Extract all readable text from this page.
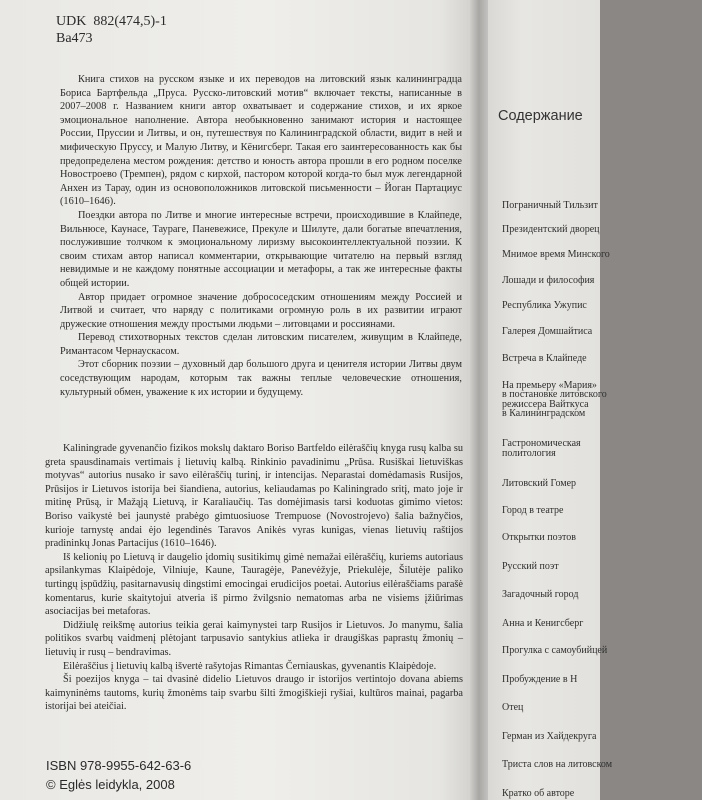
UDK  882(474,5)-1
Ba473

Книга стихов на русском языке и их переводов на литовский язык калининградца Бориса Бартфельда „Пруса. Русско-литовский мотив“ включает тексты, написанные в 2007–2008 г. Названием книги автор охватывает и содержание стихов, и их яркое эмоциональное наполнение. Автора необыкновенно занимают история и настоящее России, Пруссии и Литвы, и он, путешествуя по Калининградской области, видит в ней и мифическую Пруссу, и Малую Литву, и Кёнигсберг. Такая его заинтересованность как бы предопределена местом рождения: детство и юность автора прошли в его родном поселке Новостроево (Тремпен), рядом с кирхой, пастором которой когда-то был муж легендарной Анхен из Тарау, один из основоположников литовской письменности – Йоган Партациус (1610–1646).

Поездки автора по Литве и многие интересные встречи, происходившие в Клайпеде, Вильнюсе, Каунасе, Таураге, Паневежисе, Прекуле и Шилуте, дали богатые впечатления, послужившие толчком к эмоциональному лиризму высокоинтеллектуальной поэзии. К своим стихам автор написал комментарии, открывающие читателю на первый взгляд невидимые и не каждому понятные ассоциации и метафоры, а так же интересные факты общей истории.

Автор придает огромное значение добрососедским отношениям между Россией и Литвой и считает, что наряду с политиками огромную роль в их развитии играют дружеские отношения между простыми людьми – литовцами и россиянами.

Перевод стихотворных текстов сделан литовским писателем, живущим в Клайпеде, Римантасом Чернаускасом.

Этот сборник поэзии – духовный дар большого друга и ценителя истории Литвы двум соседствующим народам, которым так важны теплые человеческие отношения, культурный обмен, уважение к их истории и будущему.

Kaliningrade gyvenančio fizikos mokslų daktaro Boriso Bartfeldo eilėraščių knyga rusų kalba su greta spausdinamais vertimais į lietuvių kalbą. Rinkinio pavadinimu „Prūsa. Rusiškai lietuviškas motyvas“ autorius nusako ir savo eilėraščių turinį, ir intencijas. Neparastai domėdamasis Rusijos, Prūsijos ir Lietuvos istorija bei šiandiena, autorius, keliaudamas po Kaliningrado sritį, mato joje ir mitinę Prūsą, ir Mažąją Lietuvą, ir Karaliaučių. Tas domėjimasis tarsi koduotas gimimo vietos: Boriso vaikystė bei jaunystė prabėgo gimtuosiuose Trempuose (Novostrojevo) šalia bažnyčios, kurioje tarnystę andai ėjo legendinės Taravos Anikės vyras kunigas, vienas lietuvių raštijos pradininkų Jonas Partacijus (1610–1646).

Iš kelionių po Lietuvą ir daugelio įdomių susitikimų gimė nemažai eilėraščių, kuriems autoriaus apsilankymas Klaipėdoje, Vilniuje, Kaune, Tauragėje, Panevėžyje, Priekulėje, Šilutėje paliko turtingų įspūdžių, pasitarnavusių dingstimi emocingai erudicijos poetai. Autorius eilėraščiams parašė komentarus, kurie skaitytojui atveria iš pirmo žvilgsnio nematomas arba ne visiems įžiūrimas asociacijas bei metaforas.

Didžiulę reikšmę autorius teikia gerai kaimynystei tarp Rusijos ir Lietuvos. Jo manymu, šalia politikos svarbų vaidmenį plėtojant tarpusavio santykius atlieka ir draugiškas paprastų žmonių – lietuvių ir rusų – bendravimas.

Eilėraščius į lietuvių kalbą išvertė rašytojas Rimantas Černiauskas, gyvenantis Klaipėdoje.

Ši poezijos knyga – tai dvasinė didelio Lietuvos draugo ir istorijos vertintojo dovana abiems kaimyninėms tautoms, kurių žmonėms taip svarbu šilti žmogiškieji ryšiai, kultūros mainai, pagarba istorijai bei ateičiai.

ISBN 978-9955-642-63-6
© Eglės leidykla, 2008
Содержание
Пограничный Тильзит
Президентский дворец
Мнимое время Минского
Лошади и философия
Республика Ужупис
Галерея Домшайтиса
Встреча в Клайпеде
На премьеру «Мария»
в постановке литовского
режиссера Вайткуса
в Калининградском
Гастрономическая
политология
Литовский Гомер
Город в театре
Открытки поэтов
Русский поэт
Загадочный город
Анна и Кенигсберг
Прогулка с самоубийцей
Пробуждение в Н
Отец
Герман из Хайдекруга
Триста слов на литовском
Кратко об авторе
